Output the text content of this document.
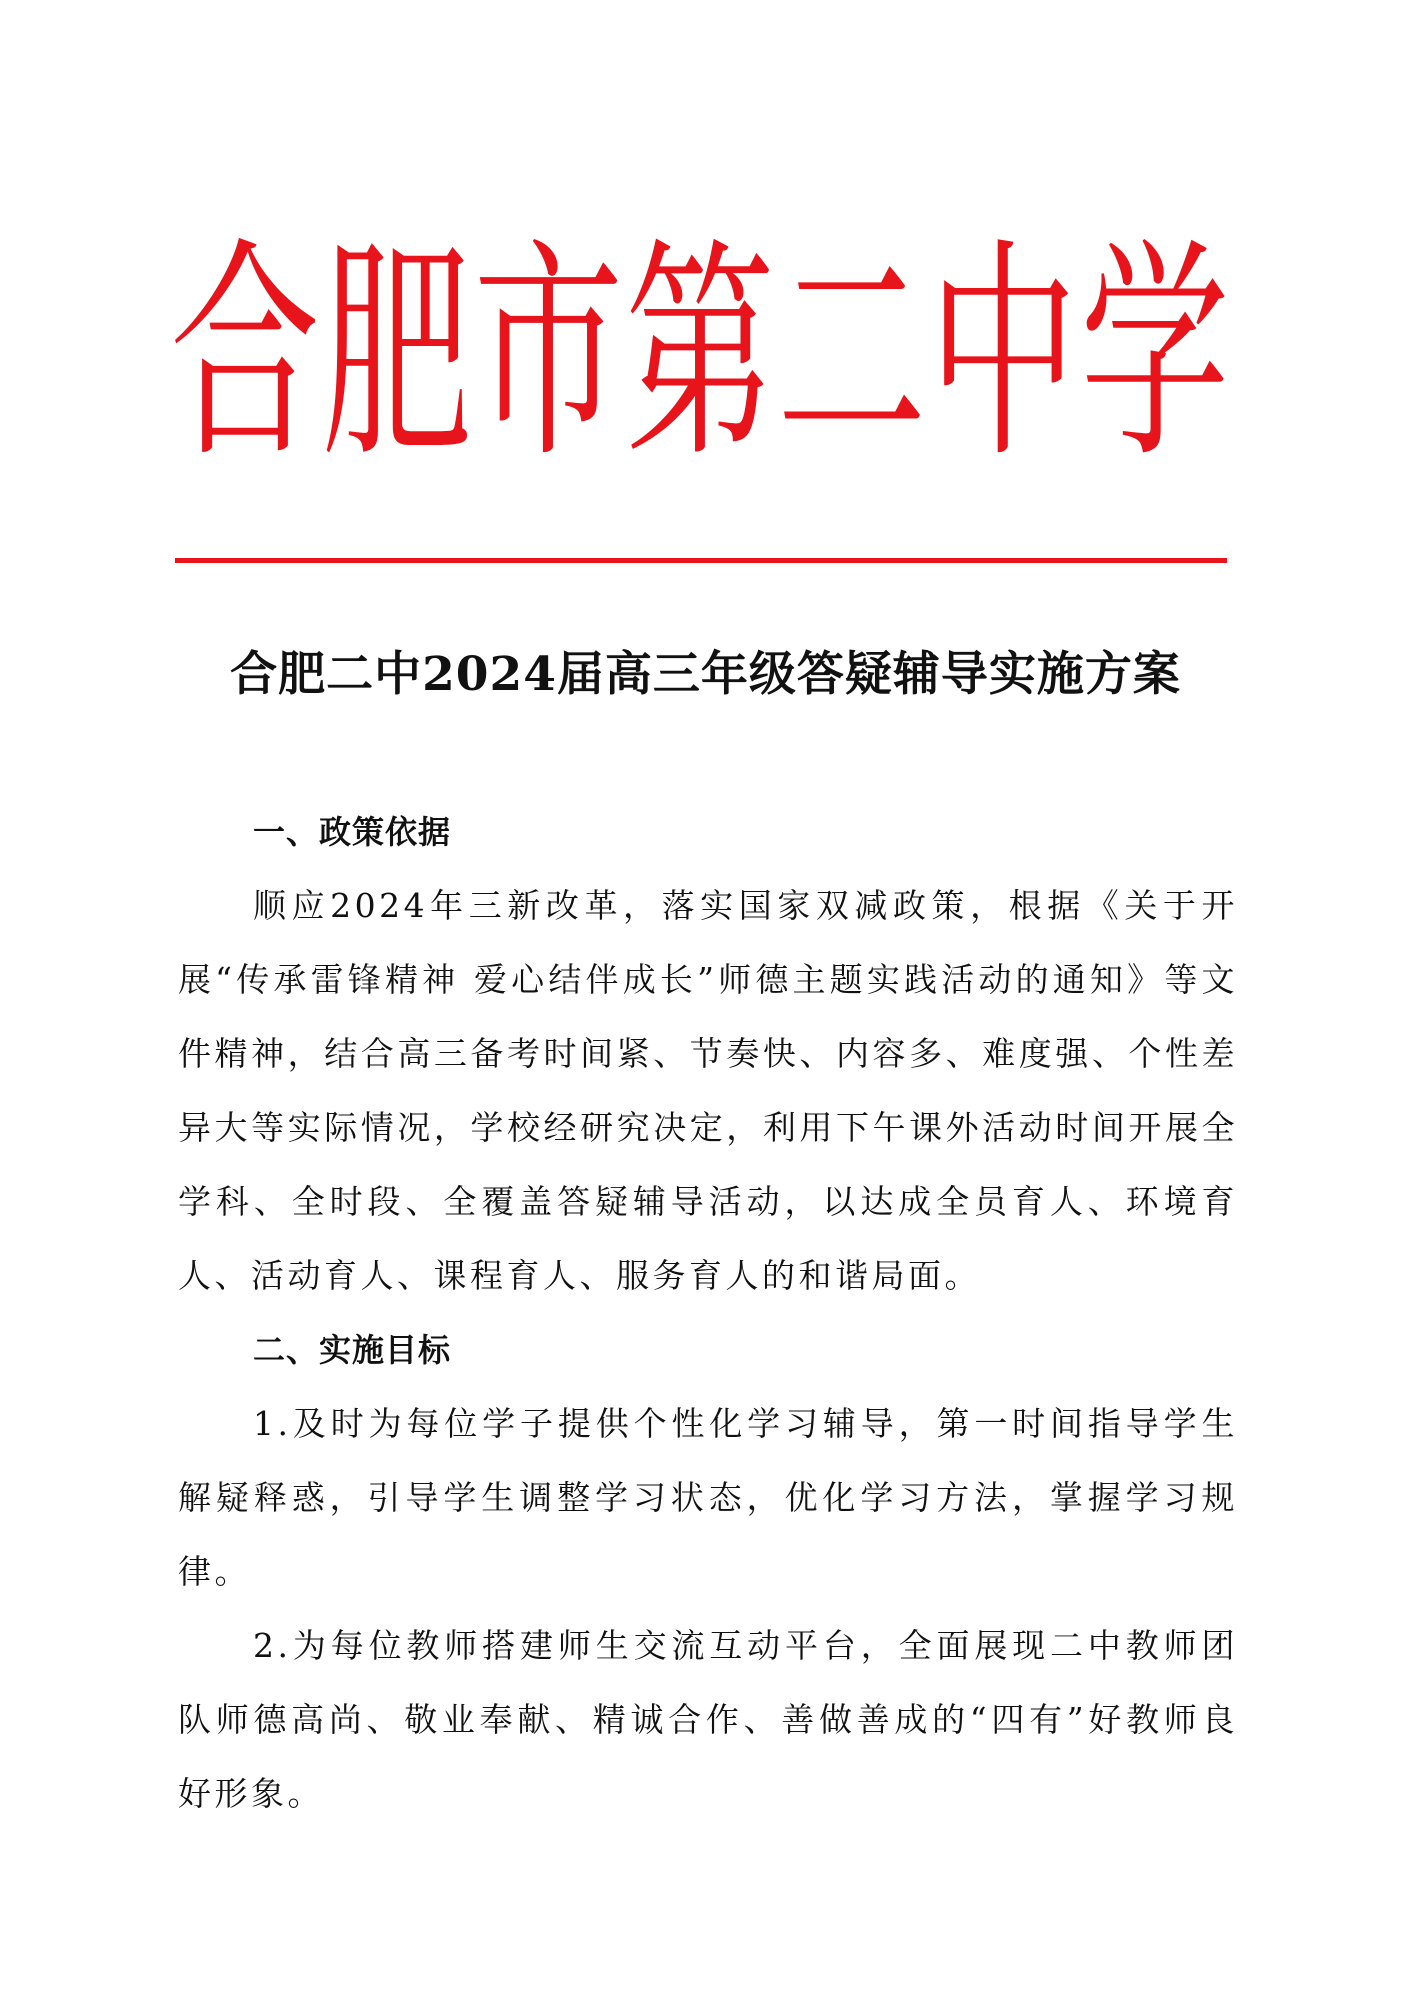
合 肥 市 第 二 中 学
合肥二中2024届高三年级答疑辅导实施方案

一、政策依据

顺应2024年三新改革，落实国家双减政策，根据《关于开展“传承雷锋精神 爱心结伴成长”师德主题实践活动的通知》等文件精神，结合高三备考时间紧、节奏快、内容多、难度强、个性差异大等实际情况，学校经研究决定，利用下午课外活动时间开展全学科、全时段、全覆盖答疑辅导活动，以达成全员育人、环境育人、活动育人、课程育人、服务育人的和谐局面。

二、实施目标

1.及时为每位学子提供个性化学习辅导，第一时间指导学生解疑释惑，引导学生调整学习状态，优化学习方法，掌握学习规律。

2.为每位教师搭建师生交流互动平台，全面展现二中教师团队师德高尚、敬业奉献、精诚合作、善做善成的“四有”好教师良好形象。
